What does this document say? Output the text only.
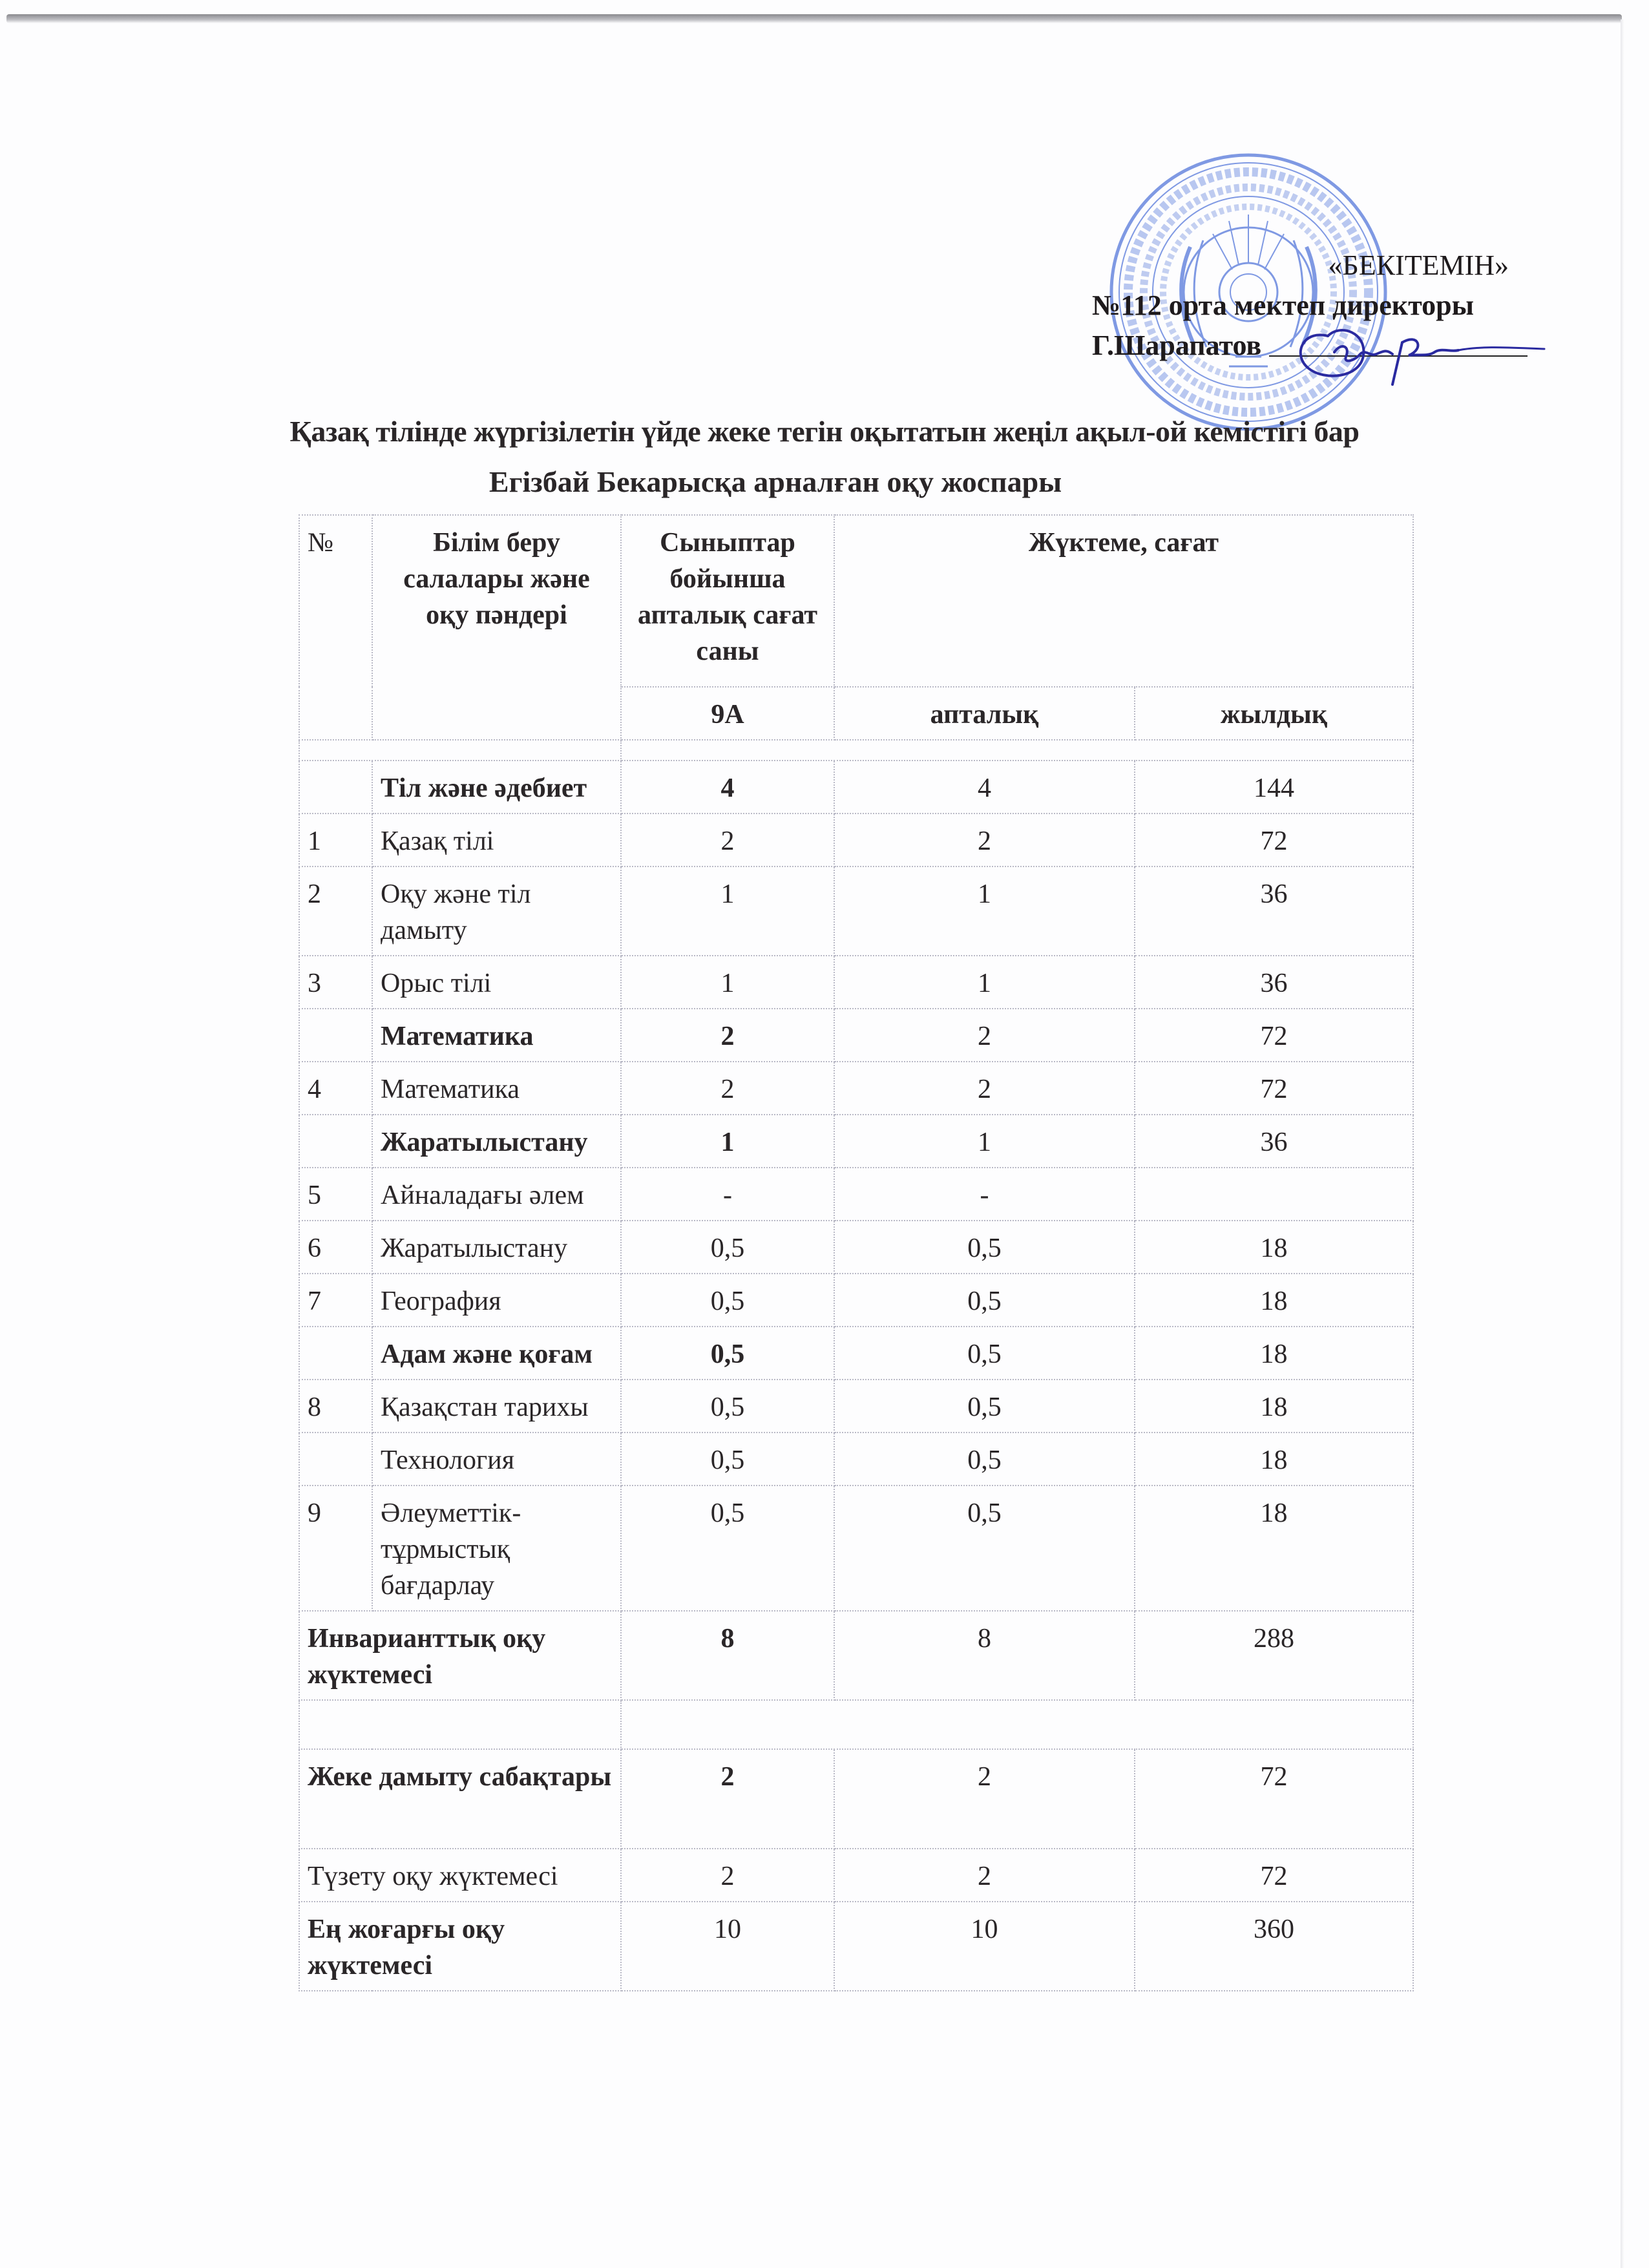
«БЕКІТЕМІН»
№112 орта мектеп директоры
Г.Шарапатов
Қазақ тілінде жүргізілетін үйде жеке тегін оқытатын жеңіл ақыл-ой кемістігі бар
Егізбай Бекарысқа арналған оқу жоспары
№	Білім беру салалары және оқу пәндері	Сыныптар бойынша апталық сағат саны	Жүктеме, сағат	
		9А	апталық	жылдық

	Тіл және әдебиет	4	4	144
1	Қазақ тілі	2	2	72
2	Оқу және тіл дамыту	1	1	36
3	Орыс тілі	1	1	36
	Математика	2	2	72
4	Математика	2	2	72
	Жаратылыстану	1	1	36
5	Айналадағы әлем	-	-	
6	Жаратылыстану	0,5	0,5	18
7	География	0,5	0,5	18
	Адам және қоғам	0,5	0,5	18
8	Қазақстан тарихы	0,5	0,5	18
	Технология	0,5	0,5	18
9	Әлеуметтік-тұрмыстық бағдарлау	0,5	0,5	18
Инварианттық оқу жүктемесі		8	8	288

Жеке дамыту сабақтары		2	2	72
Түзету оқу жүктемесі		2	2	72
Ең жоғарғы оқу жүктемесі		10	10	360
